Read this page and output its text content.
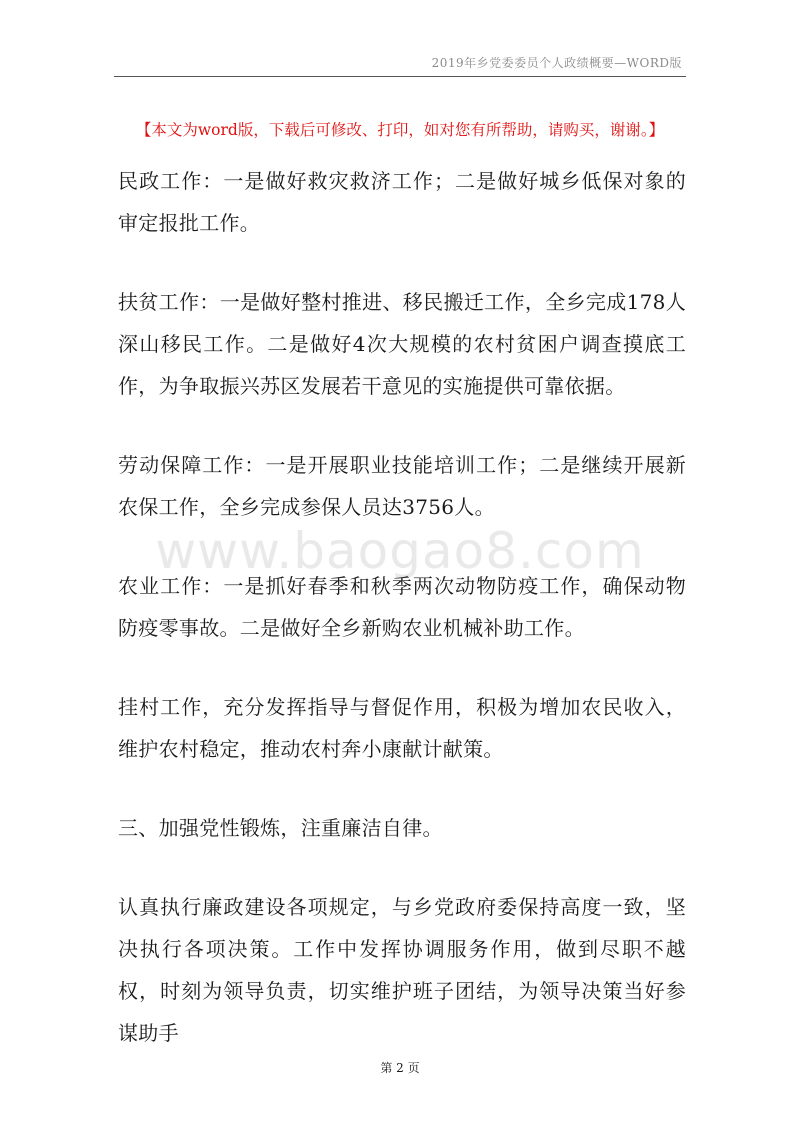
2019年乡党委委员个人政绩概要—WORD版
【本文为word版，下载后可修改、打印，如对您有所帮助，请购买，谢谢。】

民政工作：一是做好救灾救济工作；二是做好城乡低保对象的审定报批工作。

扶贫工作：一是做好整村推进、移民搬迁工作，全乡完成178人深山移民工作。二是做好4次大规模的农村贫困户调查摸底工作，为争取振兴苏区发展若干意见的实施提供可靠依据。

劳动保障工作：一是开展职业技能培训工作；二是继续开展新农保工作，全乡完成参保人员达3756人。

农业工作：一是抓好春季和秋季两次动物防疫工作，确保动物防疫零事故。二是做好全乡新购农业机械补助工作。

挂村工作，充分发挥指导与督促作用，积极为增加农民收入，维护农村稳定，推动农村奔小康献计献策。

三、加强党性锻炼，注重廉洁自律。

认真执行廉政建设各项规定，与乡党政府委保持高度一致，坚决执行各项决策。工作中发挥协调服务作用，做到尽职不越权，时刻为领导负责，切实维护班子团结，为领导决策当好参谋助手

www.baogao8.com
第 2 页
